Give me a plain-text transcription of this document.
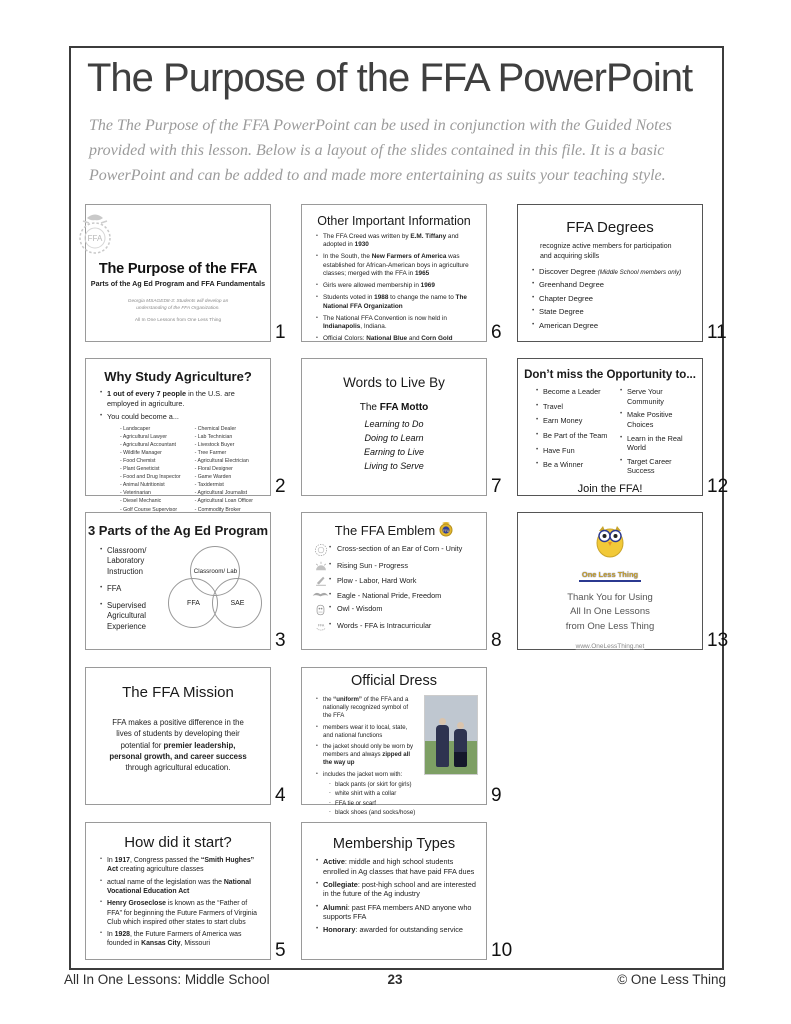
The Purpose of the FFA PowerPoint
The The Purpose of the FFA PowerPoint can be used in conjunction with the Guided Notes provided with this lesson. Below is a layout of the slides contained in this file. It is a basic PowerPoint and can be added to and made more entertaining as suits your teaching style.
FFA
The Purpose of the FFA
Parts of the Ag Ed Program and FFA Fundamentals
Georgia MSAGED8-3: Students will develop an understanding of the FFA Organization.
All In One Lessons from One Less Thing
1
Why Study Agriculture?
• 1 out of every 7 people in the U.S. are employed in agriculture.
• You could become a...
- Landscaper
- Agricultural Lawyer
- Agricultural Accountant
- Wildlife Manager
- Food Chemist
- Plant Geneticist
- Food and Drug Inspector
- Animal Nutritionist
- Veterinarian
- Diesel Mechanic
- Golf Course Supervisor
- Chemical Dealer
- Lab Technician
- Livestock Buyer
- Tree Farmer
- Agricultural Electrician
- Floral Designer
- Game Warden
- Taxidermist
- Agricultural Journalist
- Agricultural Loan Officer
- Commodity Broker
2
3 Parts of the Ag Ed Program
• Classroom/ Laboratory Instruction
• FFA
• Supervised Agricultural Experience
Classroom/ Lab
FFA	SAE
3
The FFA Mission

FFA makes a positive difference in the lives of students by developing their potential for premier leadership, personal growth, and career success through agricultural education.

4
How did it start?
• In 1917, Congress passed the “Smith Hughes” Act creating agriculture classes
• actual name of the legislation was the National Vocational Education Act
• Henry Groseclose is known as the “Father of FFA” for beginning the Future Farmers of Virginia Club which inspired other states to start clubs
• In 1928, the Future Farmers of America was founded in Kansas City, Missouri	5
Other Important Information
• The FFA Creed was written by E.M. Tiffany and adopted in 1930
• In the South, the New Farmers of America was established for African-American boys in agriculture classes; merged with the FFA in 1965
• Girls were allowed membership in 1969
• Students voted in 1988 to change the name to The National FFA Organization
• The National FFA Convention is now held in Indianapolis, Indiana.
• Official Colors: National Blue and Corn Gold	6
Words to Live By
The FFA Motto
Learning to Do
Doing to Learn
Earning to Live
Living to Serve
7
The FFA Emblem FFA
• Cross-section of an Ear of Corn - Unity
• Rising Sun - Progress
• Plow - Labor, Hard Work
• Eagle - National Pride, Freedom
• Owl - Wisdom
FFA	• Words - FFA is Intracurricular
8
Official Dress
• the “uniform” of the FFA and a nationally recognized symbol of the FFA
• members wear it to local, state, and national functions
• the jacket should only be worn by members and always zipped all the way up
• includes the jacket worn with:
- black pants (or skirt for girls)
- white shirt with a collar
- FFA tie or scarf
- black shoes (and socks/hose)
9
Membership Types
• Active: middle and high school students enrolled in Ag classes that have paid FFA dues
• Collegiate: post-high school and are interested in the future of the Ag industry
• Alumni: past FFA members AND anyone who supports FFA
• Honorary: awarded for outstanding service
10
FFA Degrees
recognize active members for participation and acquiring skills
• Discover Degree (Middle School members only)
• Greenhand Degree
• Chapter Degree
• State Degree
• American Degree	11
Don’t miss the Opportunity to...
• Become a Leader
• Travel
• Earn Money
• Be Part of the Team
• Have Fun
• Be a Winner
• Serve Your Community
• Make Positive Choices
• Learn in the Real World
• Target Career Success
Join the FFA!	12
One Less Thing
Thank You for Using
All In One Lessons
from One Less Thing
www.OneLessThing.net	13
All In One Lessons: Middle School	23	© One Less Thing
